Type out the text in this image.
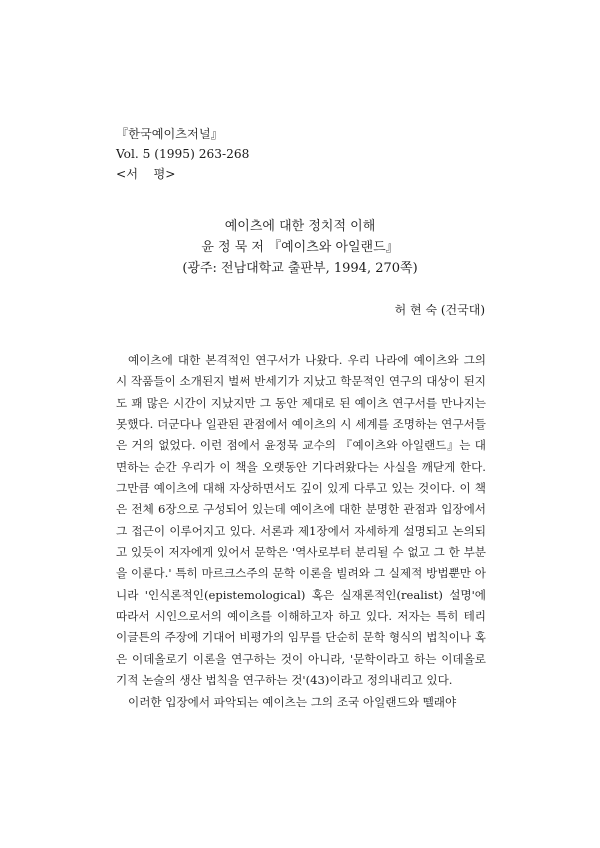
『한국예이츠저널』
Vol. 5 (1995) 263-268
<서    평>
예이츠에 대한 정치적 이해
윤 정 묵 저 『예이츠와 아일랜드』
(광주: 전남대학교 출판부, 1994, 270쪽)
허 현 숙 (건국대)

예이츠에 대한 본격적인 연구서가 나왔다. 우리 나라에 예이츠와 그의 시 작품들이 소개된지 벌써 반세기가 지났고 학문적인 연구의 대상이 된지도 꽤 많은 시간이 지났지만 그 동안 제대로 된 예이츠 연구서를 만나지는 못했다. 더군다나 일관된 관점에서 예이츠의 시 세계를 조명하는 연구서들은 거의 없었다. 이런 점에서 윤정묵 교수의 『예이츠와 아일랜드』는 대면하는 순간 우리가 이 책을 오랫동안 기다려왔다는 사실을 깨닫게 한다. 그만큼 예이츠에 대해 자상하면서도 깊이 있게 다루고 있는 것이다. 이 책은 전체 6장으로 구성되어 있는데 예이츠에 대한 분명한 관점과 입장에서 그 접근이 이루어지고 있다. 서론과 제1장에서 자세하게 설명되고 논의되고 있듯이 저자에게 있어서 문학은 '역사로부터 분리될 수 없고 그 한 부분을 이룬다.' 특히 마르크스주의 문학 이론을 빌려와 그 실제적 방법뿐만 아니라 '인식론적인(epistemological) 혹은 실재론적인(realist) 설명'에 따라서 시인으로서의 예이츠를 이해하고자 하고 있다. 저자는 특히 테리 이글튼의 주장에 기대어 비평가의 임무를 단순히 문학 형식의 법칙이나 혹은 이데올로기 이론을 연구하는 것이 아니라, '문학이라고 하는 이데올로기적 논술의 생산 법칙을 연구하는 것'(43)이라고 정의내리고 있다.

이러한 입장에서 파악되는 예이츠는 그의 조국 아일랜드와 뗄래야
